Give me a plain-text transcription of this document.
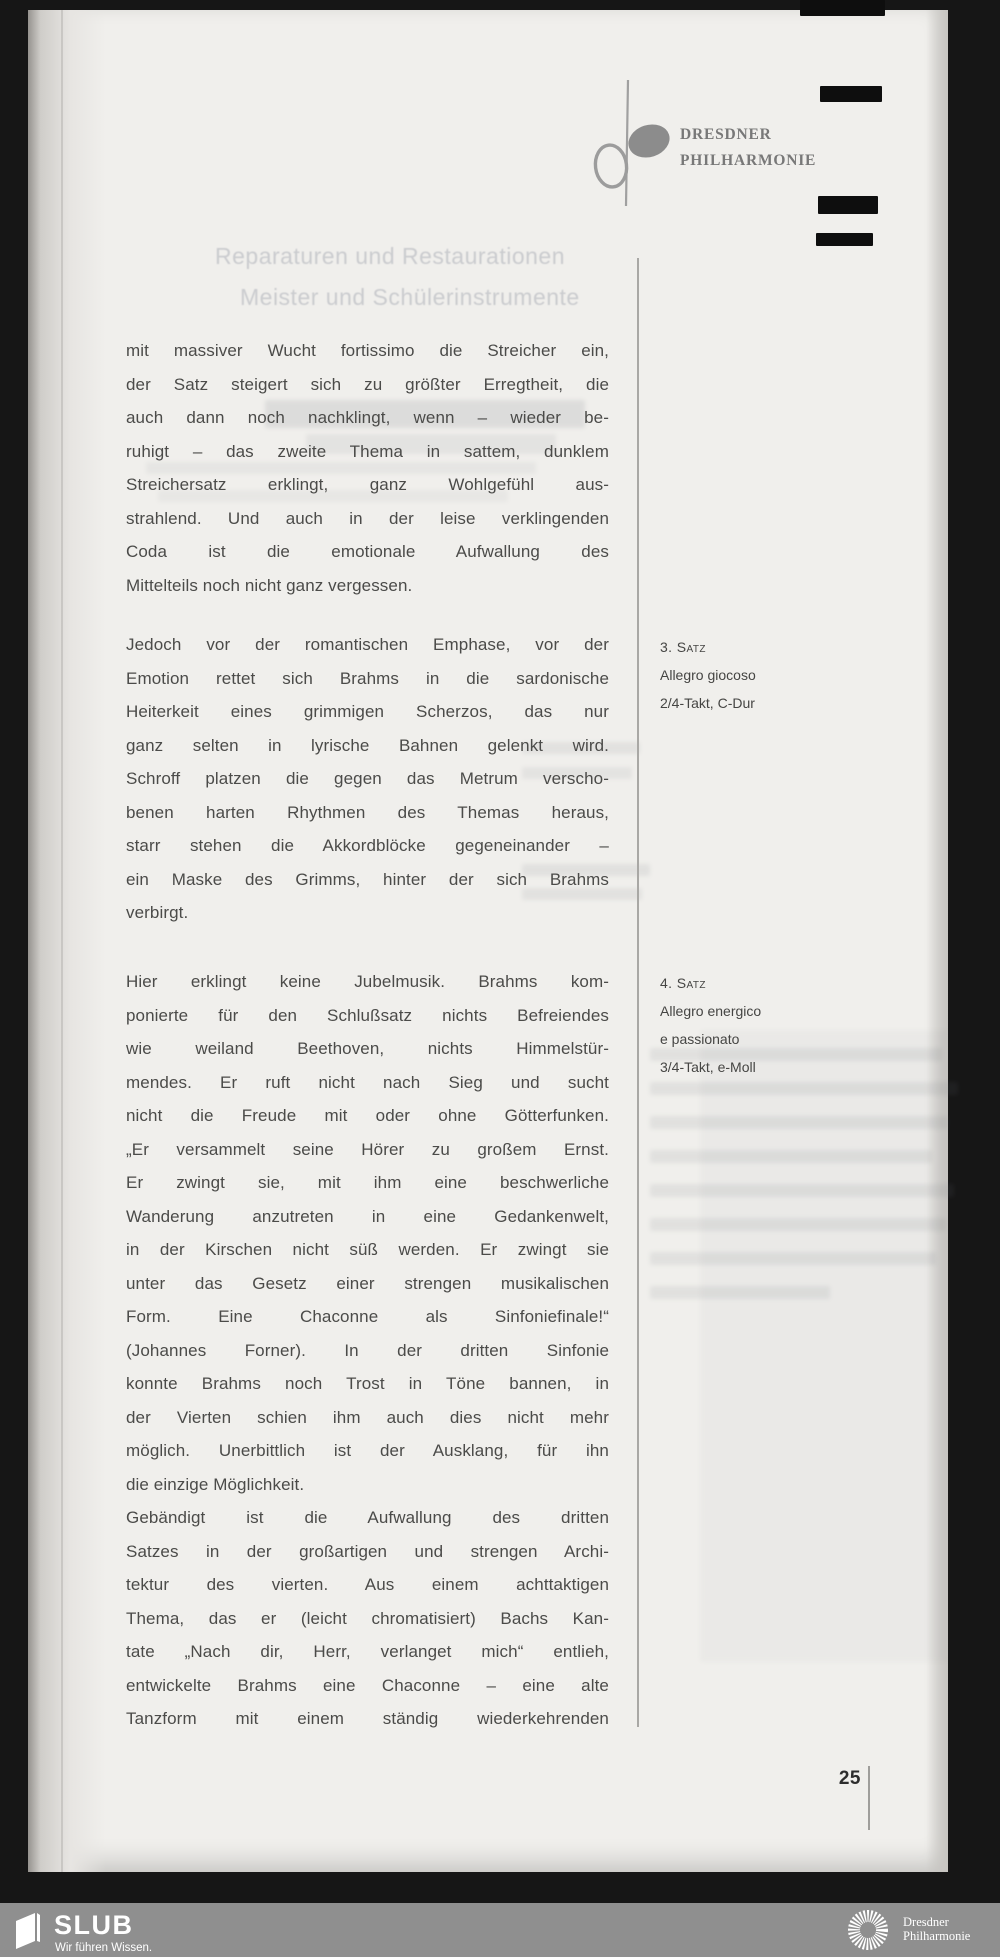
Reparaturen und Restaurationen
Meister und Schülerinstrumente
DRESDNER
PHILHARMONIE
mit massiver Wucht fortissimo die Streicher ein,
der Satz steigert sich zu größter Erregtheit, die
auch dann noch nachklingt, wenn – wieder be-
ruhigt – das zweite Thema in sattem, dunklem
Streichersatz erklingt, ganz Wohlgefühl aus-
strahlend. Und auch in der leise verklingenden
Coda ist die emotionale Aufwallung des
Mittelteils noch nicht ganz vergessen.
Jedoch vor der romantischen Emphase, vor der
Emotion rettet sich Brahms in die sardonische
Heiterkeit eines grimmigen Scherzos, das nur
ganz selten in lyrische Bahnen gelenkt wird.
Schroff platzen die gegen das Metrum verscho-
benen harten Rhythmen des Themas heraus,
starr stehen die Akkordblöcke gegeneinander –
ein Maske des Grimms, hinter der sich Brahms
verbirgt.
Hier erklingt keine Jubelmusik. Brahms kom-
ponierte für den Schlußsatz nichts Befreiendes
wie weiland Beethoven, nichts Himmelstür-
mendes. Er ruft nicht nach Sieg und sucht
nicht die Freude mit oder ohne Götterfunken.
„Er versammelt seine Hörer zu großem Ernst.
Er zwingt sie, mit ihm eine beschwerliche
Wanderung anzutreten in eine Gedankenwelt,
in der Kirschen nicht süß werden. Er zwingt sie
unter das Gesetz einer strengen musikalischen
Form. Eine Chaconne als Sinfoniefinale!“
(Johannes Forner). In der dritten Sinfonie
konnte Brahms noch Trost in Töne bannen, in
der Vierten schien ihm auch dies nicht mehr
möglich. Unerbittlich ist der Ausklang, für ihn
die einzige Möglichkeit.
Gebändigt ist die Aufwallung des dritten
Satzes in der großartigen und strengen Archi-
tektur des vierten. Aus einem achttaktigen
Thema, das er (leicht chromatisiert) Bachs Kan-
tate „Nach dir, Herr, verlanget mich“ entlieh,
entwickelte Brahms eine Chaconne – eine alte
Tanzform mit einem ständig wiederkehrenden
3. Satz
Allegro giocoso
2/4-Takt, C-Dur
4. Satz
Allegro energico
e passionato
3/4-Takt, e-Moll
25
SLUB
Wir führen Wissen.
Dresdner
Philharmonie
